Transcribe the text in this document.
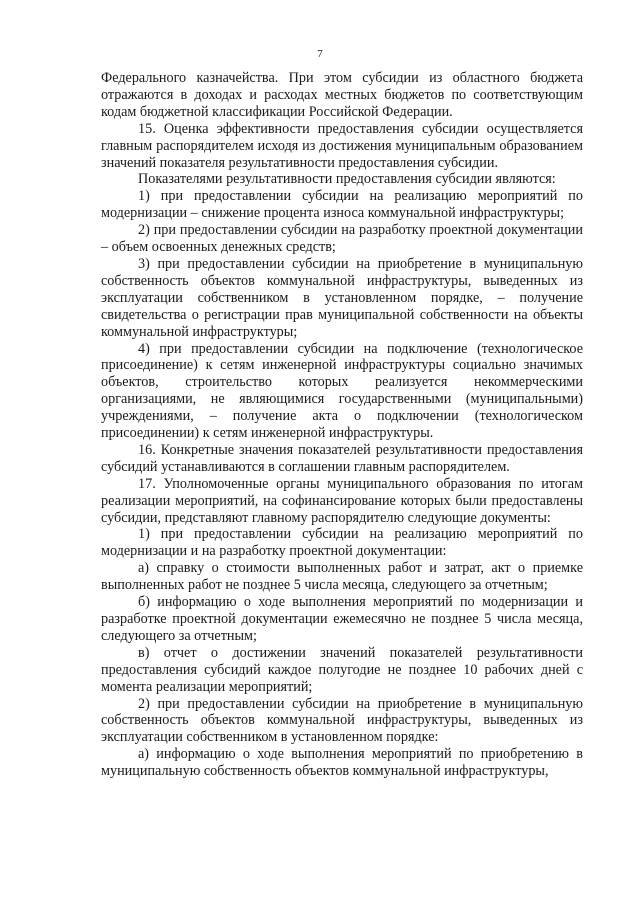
7

Федерального казначейства. При этом субсидии из областного бюджета отражаются в доходах и расходах местных бюджетов по соответствующим кодам бюджетной классификации Российской Федерации.

15. Оценка эффективности предоставления субсидии осуществляется главным распорядителем исходя из достижения муниципальным образованием значений показателя результативности предоставления субсидии.

Показателями результативности предоставления субсидии являются:

1) при предоставлении субсидии на реализацию мероприятий по модернизации – снижение процента износа коммунальной инфраструктуры;

2) при предоставлении субсидии на разработку проектной документации – объем освоенных денежных средств;

3) при предоставлении субсидии на приобретение в муниципальную собственность объектов коммунальной инфраструктуры, выведенных из эксплуатации собственником в установленном порядке, – получение свидетельства о регистрации прав муниципальной собственности на объекты коммунальной инфраструктуры;

4) при предоставлении субсидии на подключение (технологическое присоединение) к сетям инженерной инфраструктуры социально значимых объектов, строительство которых реализуется некоммерческими организациями, не являющимися государственными (муниципальными) учреждениями, – получение акта о подключении (технологическом присоединении) к сетям инженерной инфраструктуры.

16. Конкретные значения показателей результативности предоставления субсидий устанавливаются в соглашении главным распорядителем.

17. Уполномоченные органы муниципального образования по итогам реализации мероприятий, на софинансирование которых были предоставлены субсидии, представляют главному распорядителю следующие документы:

1) при предоставлении субсидии на реализацию мероприятий по модернизации и на разработку проектной документации:

а) справку о стоимости выполненных работ и затрат, акт о приемке выполненных работ не позднее 5 числа месяца, следующего за отчетным;

б) информацию о ходе выполнения мероприятий по модернизации и разработке проектной документации ежемесячно не позднее 5 числа месяца, следующего за отчетным;

в) отчет о достижении значений показателей результативности предоставления субсидий каждое полугодие не позднее 10 рабочих дней с момента реализации мероприятий;

2) при предоставлении субсидии на приобретение в муниципальную собственность объектов коммунальной инфраструктуры, выведенных из эксплуатации собственником в установленном порядке:

а) информацию о ходе выполнения мероприятий по приобретению в муниципальную собственность объектов коммунальной инфраструктуры,
